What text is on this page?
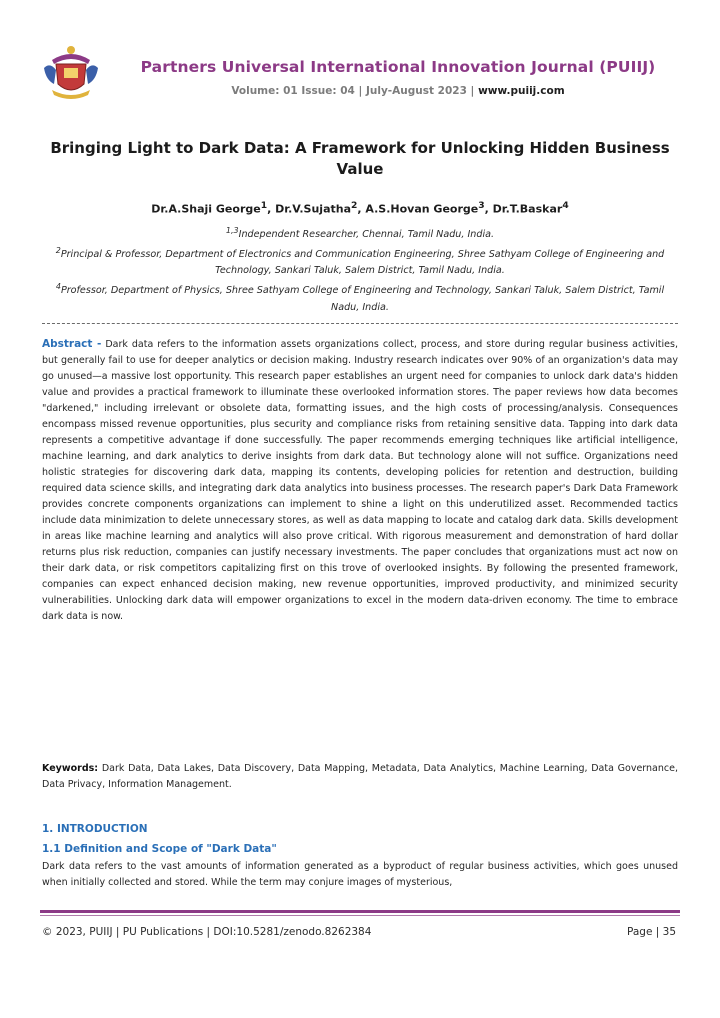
Partners Universal International Innovation Journal (PUIIJ)
Volume: 01 Issue: 04 | July-August 2023 | www.puiij.com
Bringing Light to Dark Data: A Framework for Unlocking Hidden Business Value
Dr.A.Shaji George$^1$, Dr.V.Sujatha$^2$, A.S.Hovan George$^3$, Dr.T.Baskar$^4$

$^{1,3}$Independent Researcher, Chennai, Tamil Nadu, India.

$^2$Principal & Professor, Department of Electronics and Communication Engineering, Shree Sathyam College of Engineering and Technology, Sankari Taluk, Salem District, Tamil Nadu, India.

$^4$Professor, Department of Physics, Shree Sathyam College of Engineering and Technology, Sankari Taluk, Salem District, Tamil Nadu, India.

Abstract - Dark data refers to the information assets organizations collect, process, and store during regular business activities, but generally fail to use for deeper analytics or decision making. Industry research indicates over 90% of an organization's data may go unused—a massive lost opportunity. This research paper establishes an urgent need for companies to unlock dark data's hidden value and provides a practical framework to illuminate these overlooked information stores. The paper reviews how data becomes "darkened," including irrelevant or obsolete data, formatting issues, and the high costs of processing/analysis. Consequences encompass missed revenue opportunities, plus security and compliance risks from retaining sensitive data. Tapping into dark data represents a competitive advantage if done successfully. The paper recommends emerging techniques like artificial intelligence, machine learning, and dark analytics to derive insights from dark data. But technology alone will not suffice. Organizations need holistic strategies for discovering dark data, mapping its contents, developing policies for retention and destruction, building required data science skills, and integrating dark data analytics into business processes. The research paper's Dark Data Framework provides concrete components organizations can implement to shine a light on this underutilized asset. Recommended tactics include data minimization to delete unnecessary stores, as well as data mapping to locate and catalog dark data. Skills development in areas like machine learning and analytics will also prove critical. With rigorous measurement and demonstration of hard dollar returns plus risk reduction, companies can justify necessary investments. The paper concludes that organizations must act now on their dark data, or risk competitors capitalizing first on this trove of overlooked insights. By following the presented framework, companies can expect enhanced decision making, new revenue opportunities, improved productivity, and minimized security vulnerabilities. Unlocking dark data will empower organizations to excel in the modern data-driven economy. The time to embrace dark data is now.
Keywords: Dark Data, Data Lakes, Data Discovery, Data Mapping, Metadata, Data Analytics, Machine Learning, Data Governance, Data Privacy, Information Management.
1. INTRODUCTION
1.1 Definition and Scope of "Dark Data"
Dark data refers to the vast amounts of information generated as a byproduct of regular business activities, which goes unused when initially collected and stored. While the term may conjure images of mysterious,
© 2023, PUIIJ | PU Publications | DOI:10.5281/zenodo.8262384	Page | 35
